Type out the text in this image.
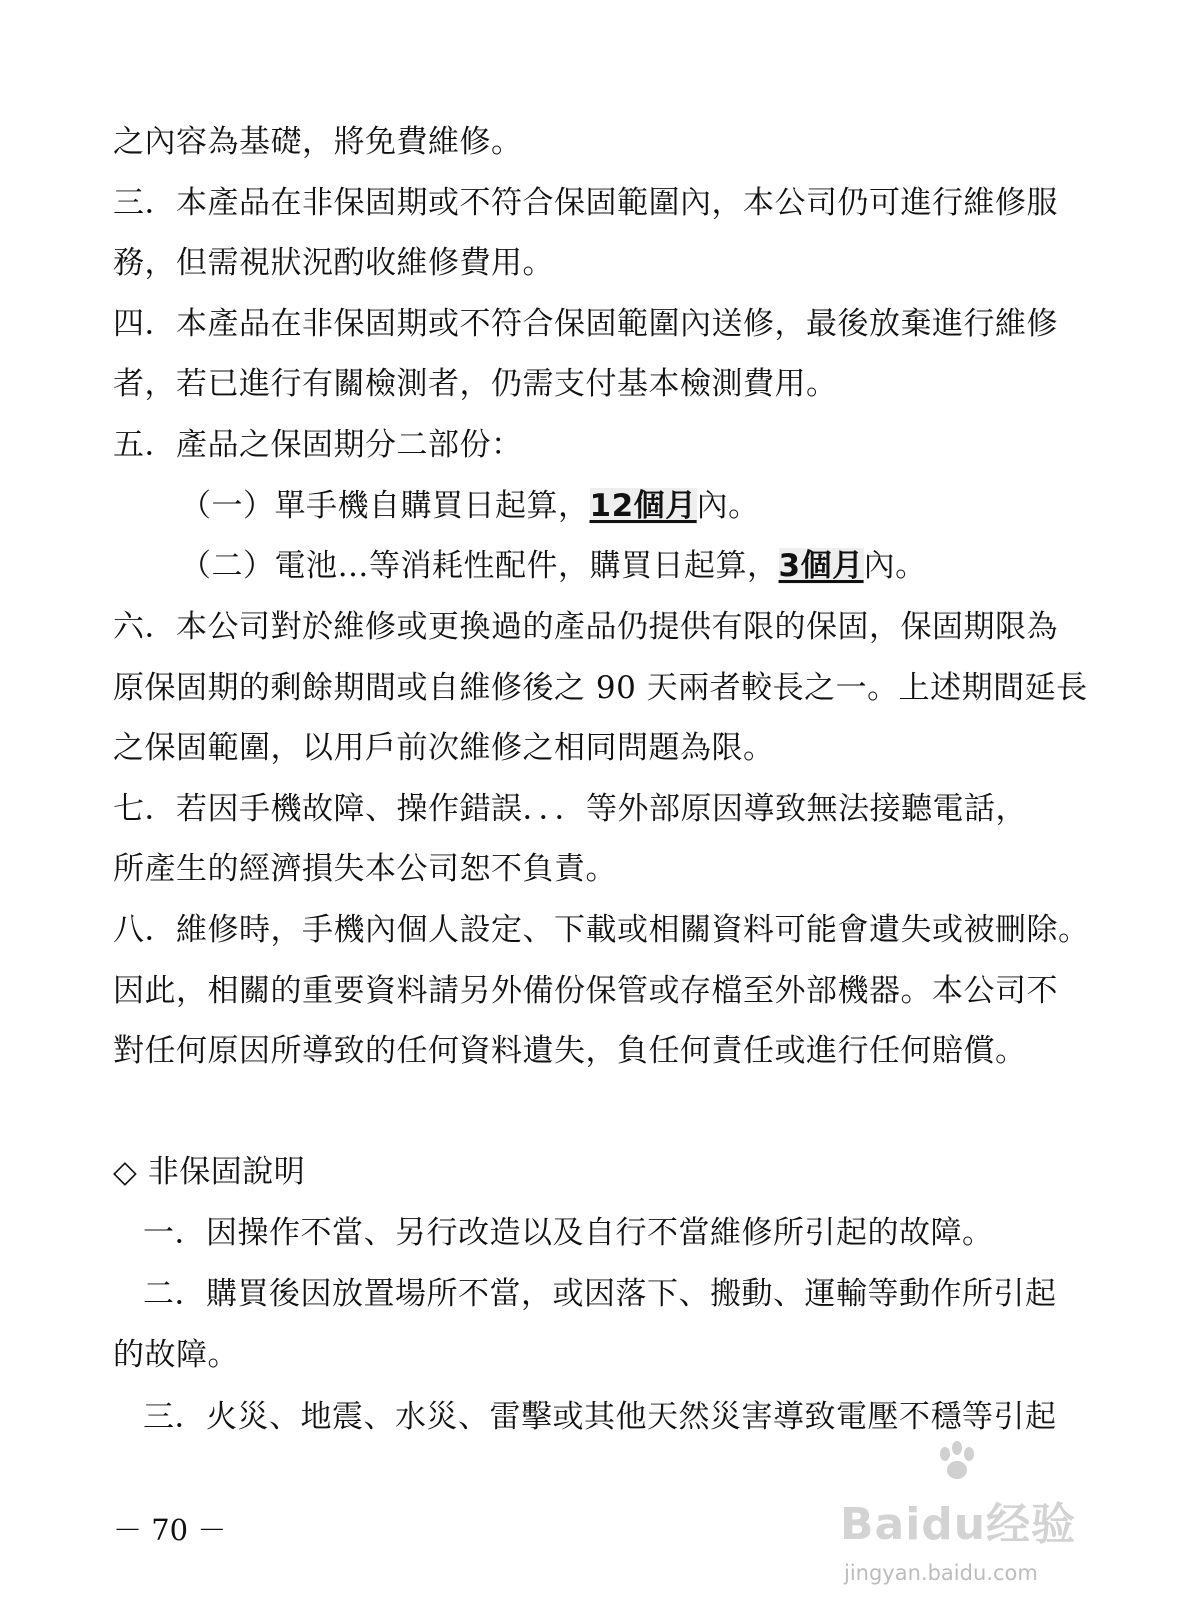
之內容為基礎，將免費維修。
三．本產品在非保固期或不符合保固範圍內，本公司仍可進行維修服
務，但需視狀況酌收維修費用。
四．本產品在非保固期或不符合保固範圍內送修，最後放棄進行維修
者，若已進行有關檢測者，仍需支付基本檢測費用。
五．產品之保固期分二部份：
（一）單手機自購買日起算，12個月內。
（二）電池…等消耗性配件，購買日起算，3個月內。
六．本公司對於維修或更換過的產品仍提供有限的保固，保固期限為
原保固期的剩餘期間或自維修後之 90 天兩者較長之一。上述期間延長
之保固範圍，以用戶前次維修之相同問題為限。
七．若因手機故障、操作錯誤．．．等外部原因導致無法接聽電話，
所產生的經濟損失本公司恕不負責。
八．維修時，手機內個人設定、下載或相關資料可能會遺失或被刪除。
因此，相關的重要資料請另外備份保管或存檔至外部機器。本公司不
對任何原因所導致的任何資料遺失，負任何責任或進行任何賠償。
◇ 非保固說明
一．因操作不當、另行改造以及自行不當維修所引起的故障。
二．購買後因放置場所不當，或因落下、搬動、運輸等動作所引起
的故障。
三．火災、地震、水災、雷擊或其他天然災害導致電壓不穩等引起
－ 70 －	Baidu经验
jingyan.baidu.com
